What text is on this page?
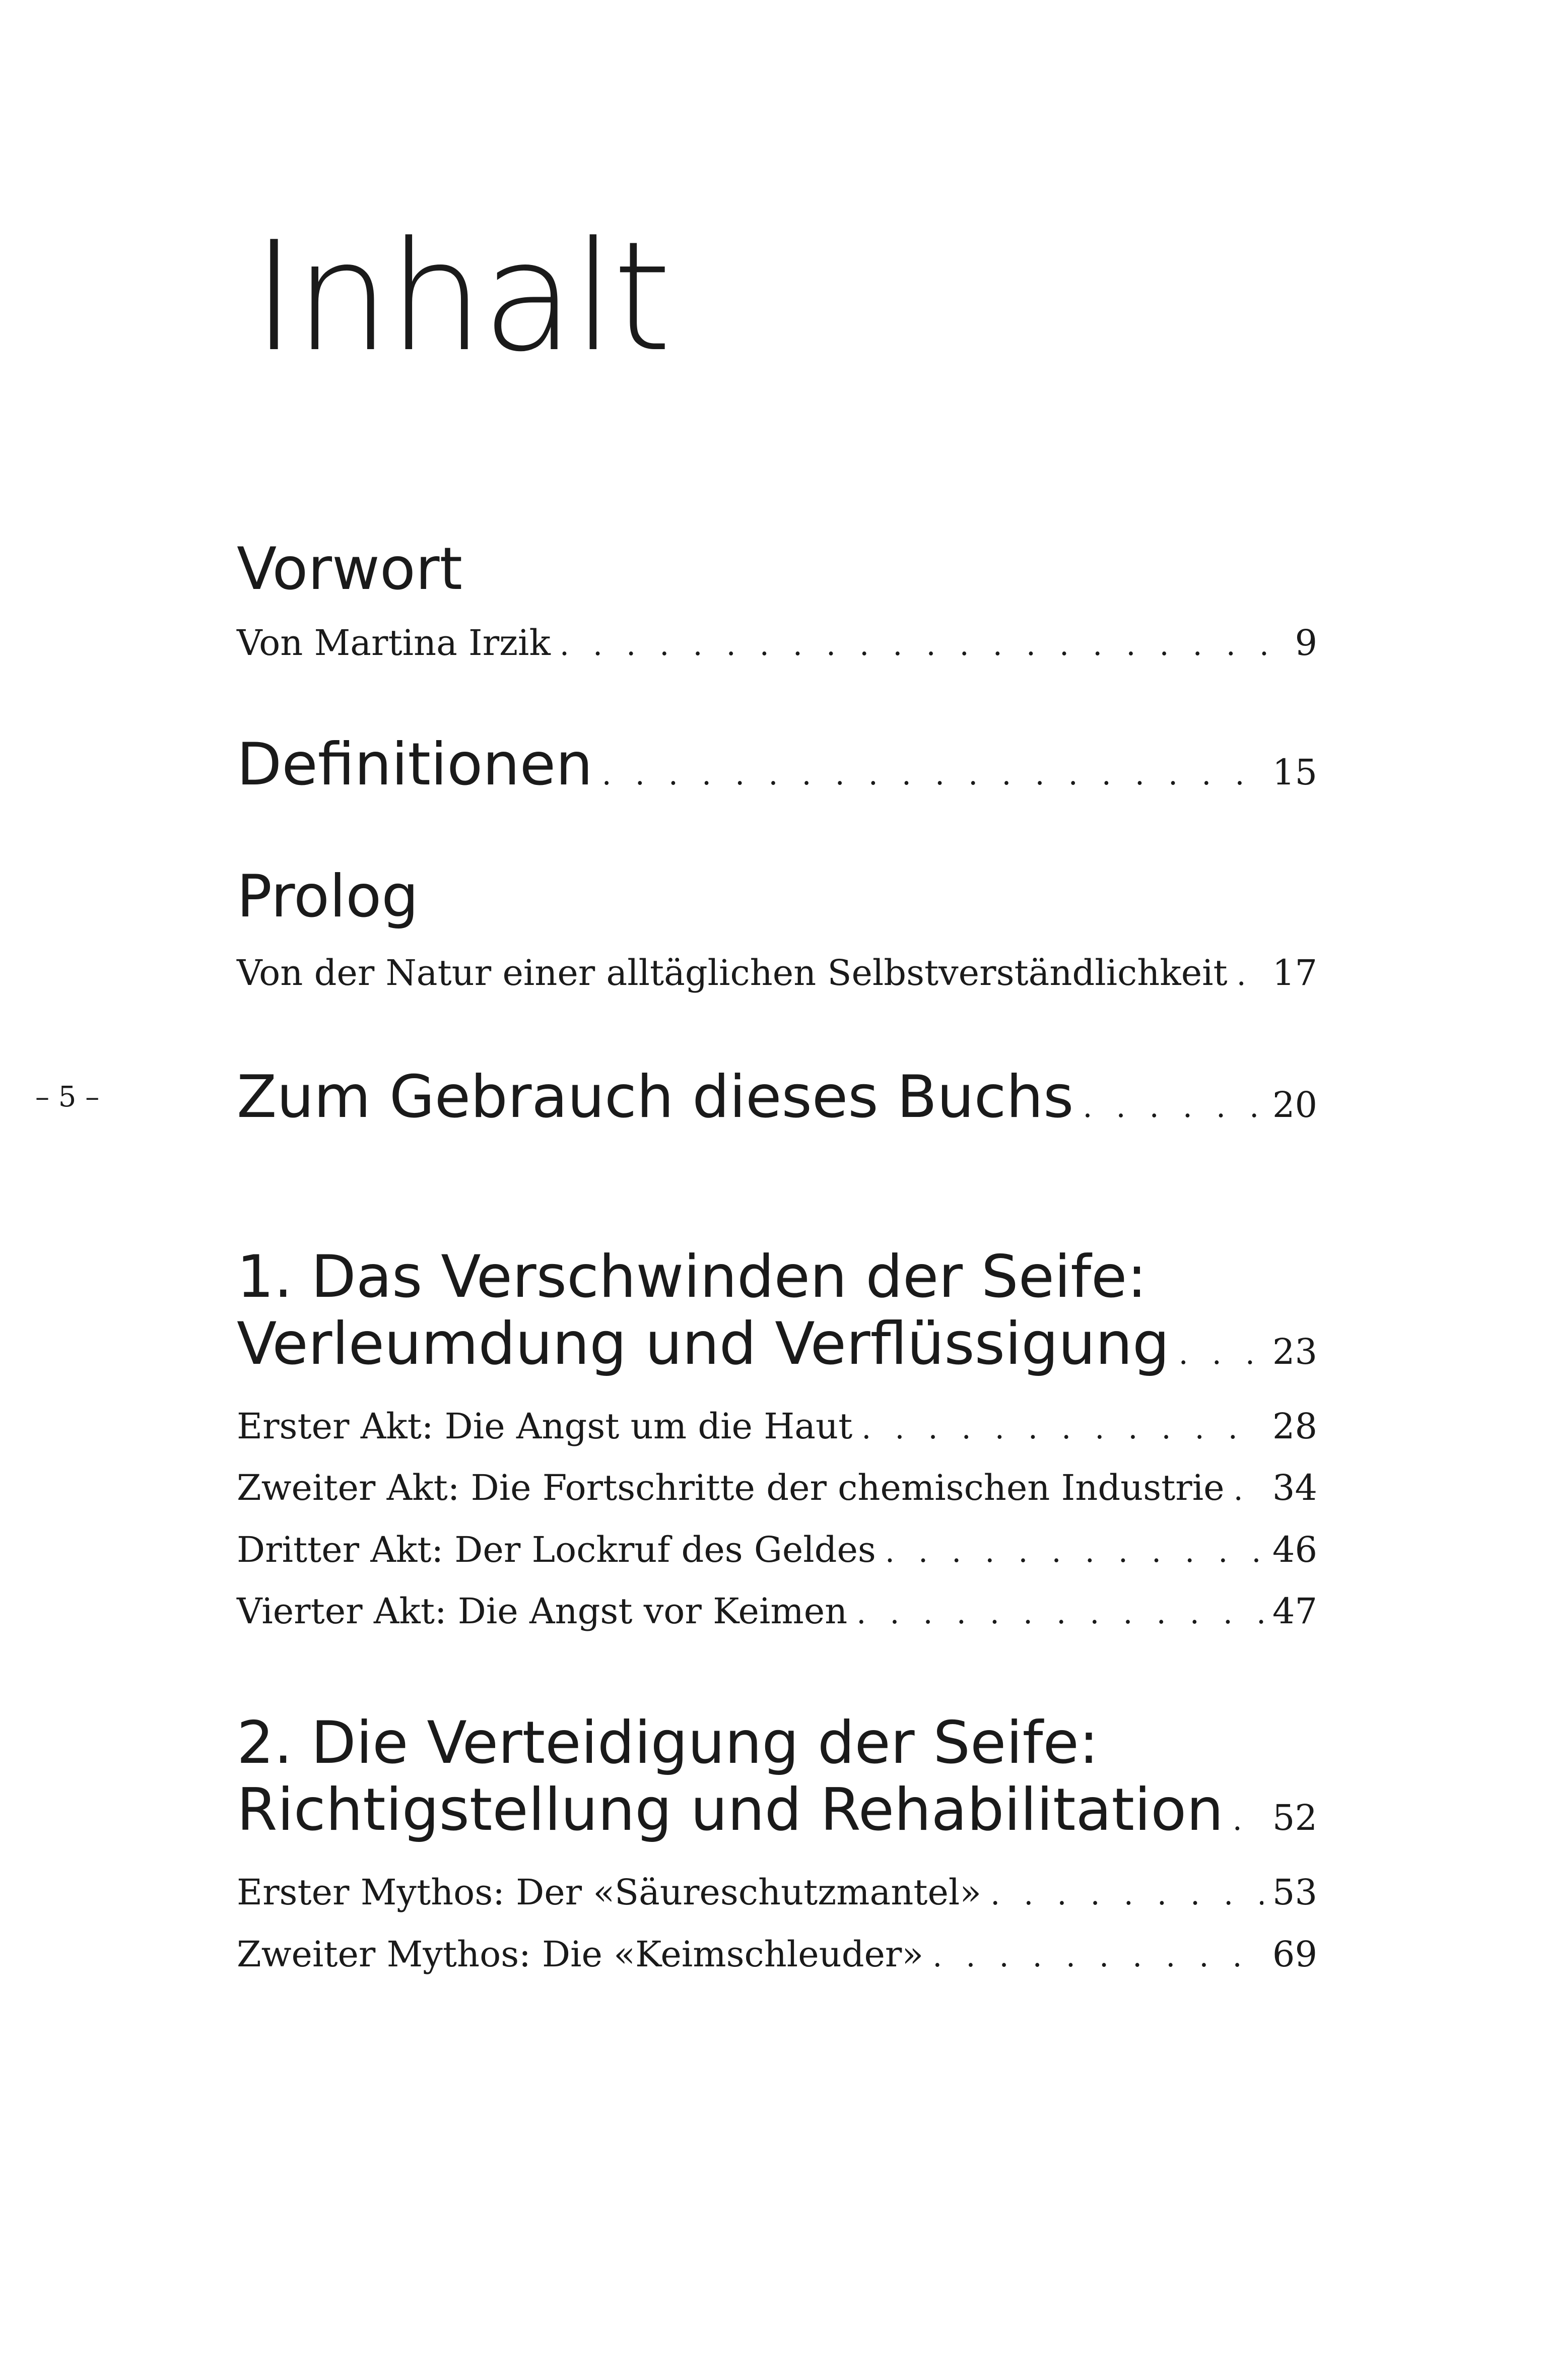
Inhalt
– 5 –
Vorwort
Von Martina Irzik . . .	9
Definitionen . . .	15
Prolog
Von der Natur einer alltäglichen Selbstverständlichkeit . . . 17
Zum Gebrauch dieses Buchs . . .	20
1. Das Verschwinden der Seife:
Verleumdung und Verflüssigung . . .	23
Erster Akt: Die Angst um die Haut . . .	28
Zweiter Akt: Die Fortschritte der chemischen Industrie . . . 34
Dritter Akt: Der Lockruf des Geldes . . .	46
Vierter Akt: Die Angst vor Keimen . . .	47
2. Die Verteidigung der Seife:
Richtigstellung und Rehabilitation . . . 52
Erster Mythos: Der «Säureschutzmantel» . . .	53
Zweiter Mythos: Die «Keimschleuder» . . .	69
